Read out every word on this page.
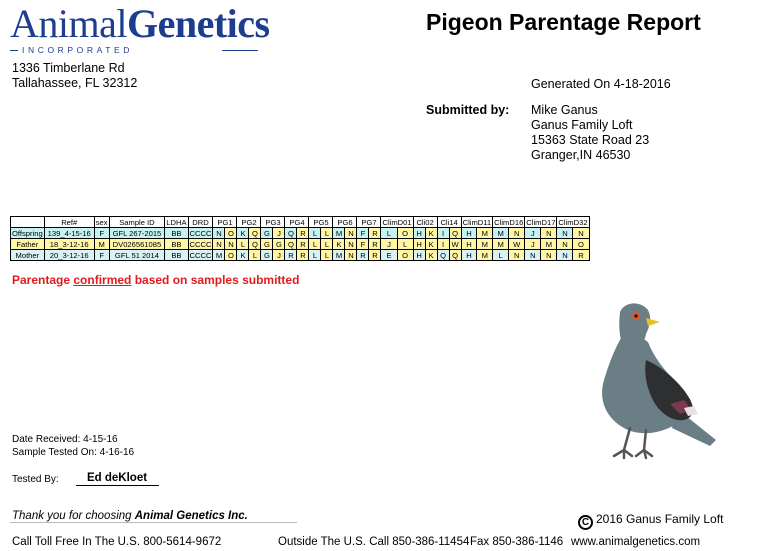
AnimalGenetics
INCORPORATED
Pigeon Parentage Report
1336 Timberlane Rd
Tallahassee, FL 32312	Generated On 4-18-2016
Submitted by: Mike Ganus
Ganus Family Loft
15363 State Road 23
Granger,IN 46530
	Ref#	sex	Sample ID	LDHA	DRD	PG1		PG2		PG3		PG4		PG5		PG6		PG7		ClimD01		Cli02		Cli14		ClimD11		ClimD16		ClimD17		ClimD32	
Offspring	139_4-15-16	F	GFL 267-2015	BB	CCCC	N	O	K	Q	G	J	Q	R	L	L	M	N	F	R	L	O	H	K	I	Q	H	M	M	N	J	N	N	N
Father	18_3-12-16	M	DV026561085	BB	CCCC	N	N	L	Q	G	G	Q	R	L	L	K	N	F	R	J	L	H	K	I	W	H	M	M	W	J	M	N	O
Mother	20_3-12-16	F	GFL 51 2014	BB	CCCC	M	O	K	L	G	J	R	R	L	L	M	N	R	R	E	O	H	K	Q	Q	H	M	L	N	N	N	N	R
Parentage confirmed based on samples submitted
Date Received: 4-15-16
Sample Tested On: 4-16-16
Tested By:	Ed deKloet
Thank you for choosing Animal Genetics Inc.
C 2016 Ganus Family Loft
Call Toll Free In The U.S. 800-5614-9672	Outside The U.S. Call 850-386-11454 Fax 850-386-1146 www.animalgenetics.com
